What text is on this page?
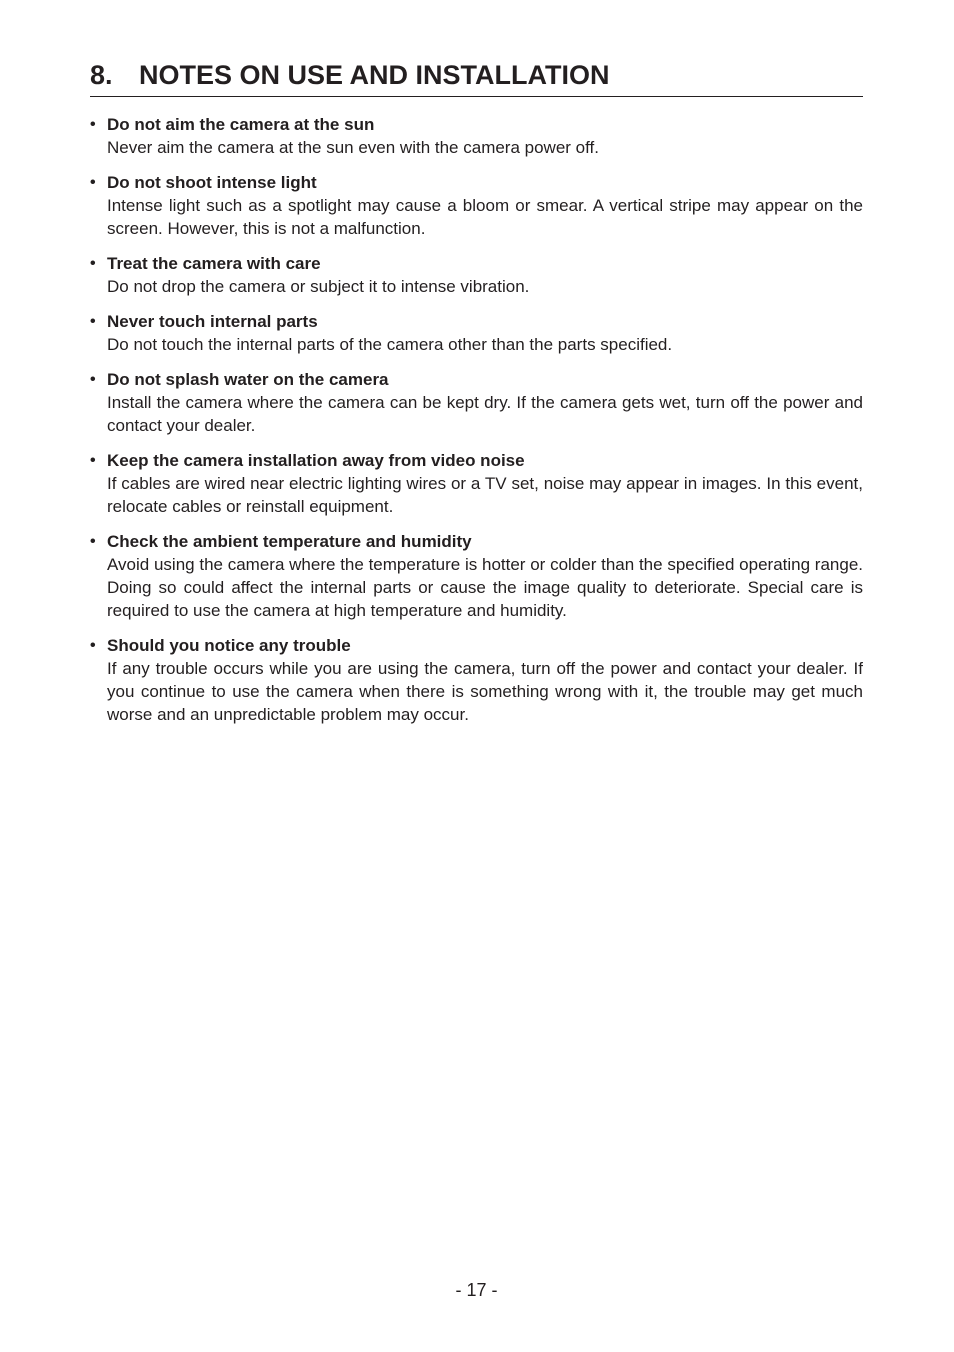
8. NOTES ON USE AND INSTALLATION
• Do not aim the camera at the sun
Never aim the camera at the sun even with the camera power off.
• Do not shoot intense light
Intense light such as a spotlight may cause a bloom or smear. A vertical stripe may appear on the screen. However, this is not a malfunction.
• Treat the camera with care
Do not drop the camera or subject it to intense vibration.
• Never touch internal parts
Do not touch the internal parts of the camera other than the parts specified.
• Do not splash water on the camera
Install the camera where the camera can be kept dry. If the camera gets wet, turn off the power and contact your dealer.
• Keep the camera installation away from video noise
If cables are wired near electric lighting wires or a TV set, noise may appear in images. In this event, relocate cables or reinstall equipment.
• Check the ambient temperature and humidity
Avoid using the camera where the temperature is hotter or colder than the specified operating range. Doing so could affect the internal parts or cause the image quality to deteriorate. Special care is required to use the camera at high temperature and humidity.
• Should you notice any trouble
If any trouble occurs while you are using the camera, turn off the power and contact your dealer. If you continue to use the camera when there is something wrong with it, the trouble may get much worse and an unpredictable problem may occur.
- 17 -
